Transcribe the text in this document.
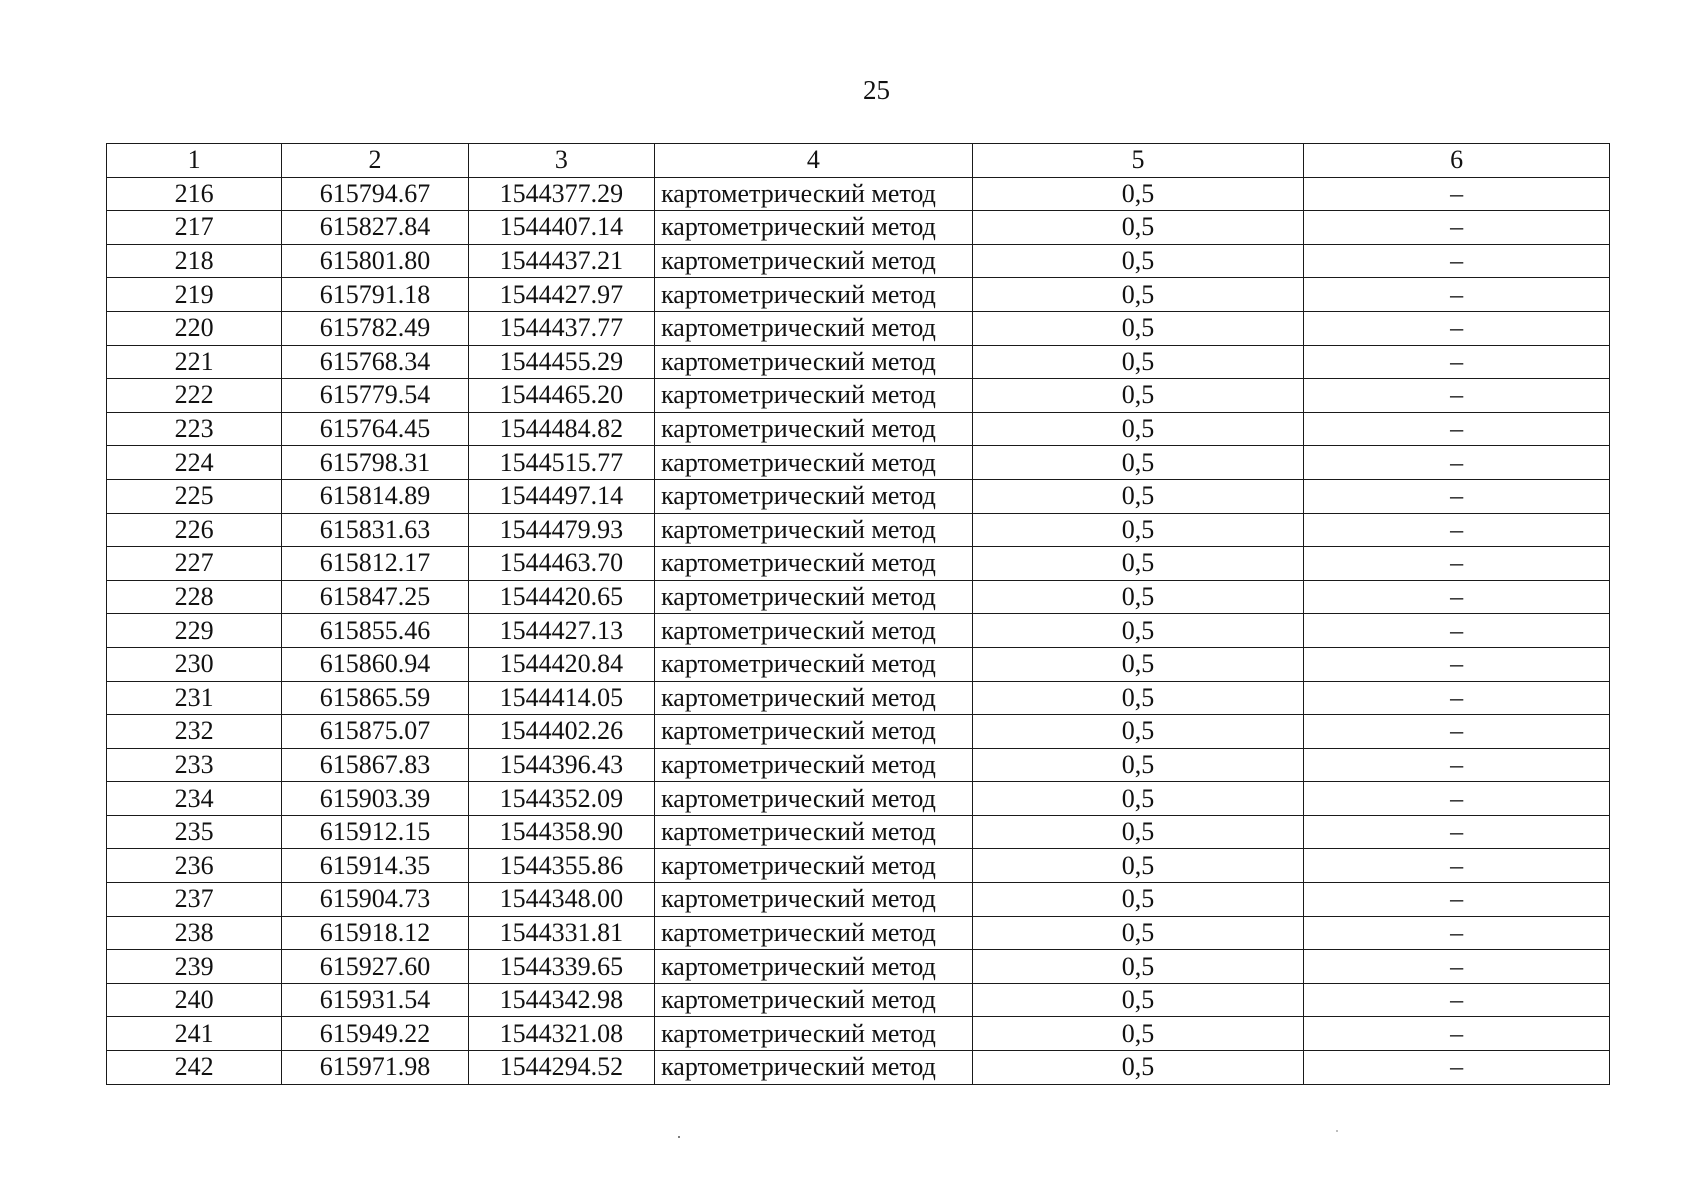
25
1	2	3	4	5	6
216	615794.67	1544377.29	картометрический метод	0,5	–
217	615827.84	1544407.14	картометрический метод	0,5	–
218	615801.80	1544437.21	картометрический метод	0,5	–
219	615791.18	1544427.97	картометрический метод	0,5	–
220	615782.49	1544437.77	картометрический метод	0,5	–
221	615768.34	1544455.29	картометрический метод	0,5	–
222	615779.54	1544465.20	картометрический метод	0,5	–
223	615764.45	1544484.82	картометрический метод	0,5	–
224	615798.31	1544515.77	картометрический метод	0,5	–
225	615814.89	1544497.14	картометрический метод	0,5	–
226	615831.63	1544479.93	картометрический метод	0,5	–
227	615812.17	1544463.70	картометрический метод	0,5	–
228	615847.25	1544420.65	картометрический метод	0,5	–
229	615855.46	1544427.13	картометрический метод	0,5	–
230	615860.94	1544420.84	картометрический метод	0,5	–
231	615865.59	1544414.05	картометрический метод	0,5	–
232	615875.07	1544402.26	картометрический метод	0,5	–
233	615867.83	1544396.43	картометрический метод	0,5	–
234	615903.39	1544352.09	картометрический метод	0,5	–
235	615912.15	1544358.90	картометрический метод	0,5	–
236	615914.35	1544355.86	картометрический метод	0,5	–
237	615904.73	1544348.00	картометрический метод	0,5	–
238	615918.12	1544331.81	картометрический метод	0,5	–
239	615927.60	1544339.65	картометрический метод	0,5	–
240	615931.54	1544342.98	картометрический метод	0,5	–
241	615949.22	1544321.08	картометрический метод	0,5	–
242	615971.98	1544294.52	картометрический метод	0,5	–
